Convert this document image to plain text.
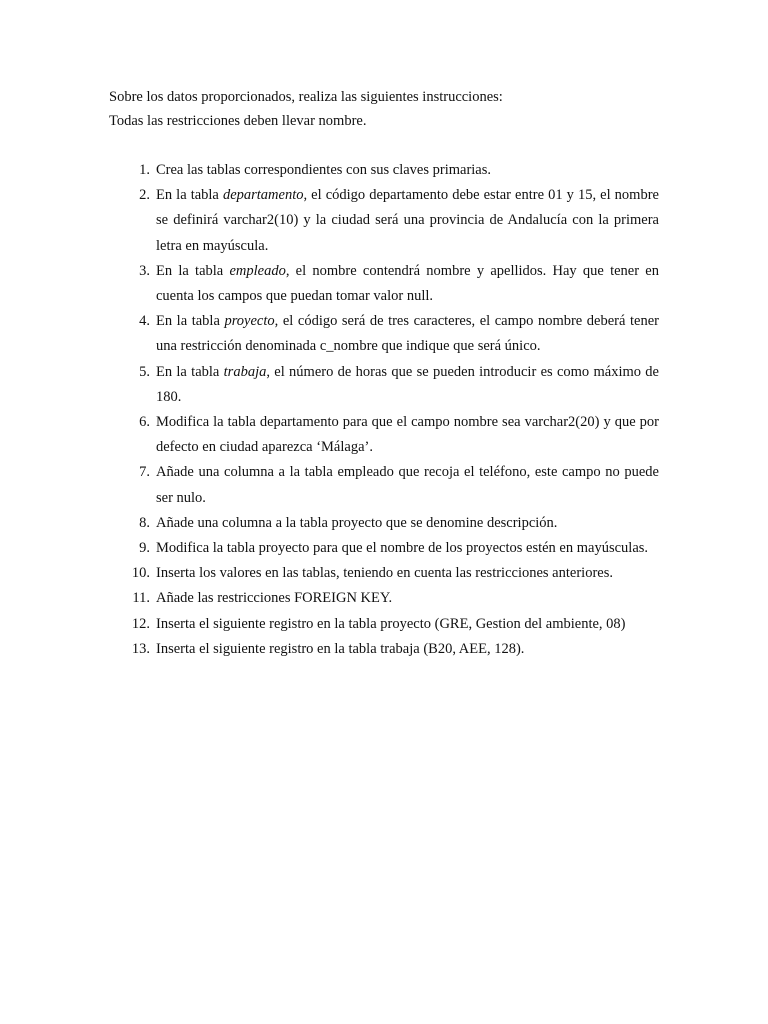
Sobre los datos proporcionados, realiza las siguientes instrucciones:

Todas las restricciones deben llevar nombre.

1. Crea las tablas correspondientes con sus claves primarias.
2. En la tabla departamento, el código departamento debe estar entre 01 y 15, el nombre se definirá varchar2(10) y la ciudad será una provincia de Andalucía con la primera letra en mayúscula.
3. En la tabla empleado, el nombre contendrá nombre y apellidos. Hay que tener en cuenta los campos que puedan tomar valor null.
4. En la tabla proyecto, el código será de tres caracteres, el campo nombre deberá tener una restricción denominada c_nombre que indique que será único.
5. En la tabla trabaja, el número de horas que se pueden introducir es como máximo de 180.
6. Modifica la tabla departamento para que el campo nombre sea varchar2(20) y que por defecto en ciudad aparezca ‘Málaga’.
7. Añade una columna a la tabla empleado que recoja el teléfono, este campo no puede ser nulo.
8. Añade una columna a la tabla proyecto que se denomine descripción.
9. Modifica la tabla proyecto para que el nombre de los proyectos estén en mayúsculas.
10. Inserta los valores en las tablas, teniendo en cuenta las restricciones anteriores.
11. Añade las restricciones FOREIGN KEY.
12. Inserta el siguiente registro en la tabla proyecto (GRE, Gestion del ambiente, 08)
13. Inserta el siguiente registro en la tabla trabaja (B20, AEE, 128).
